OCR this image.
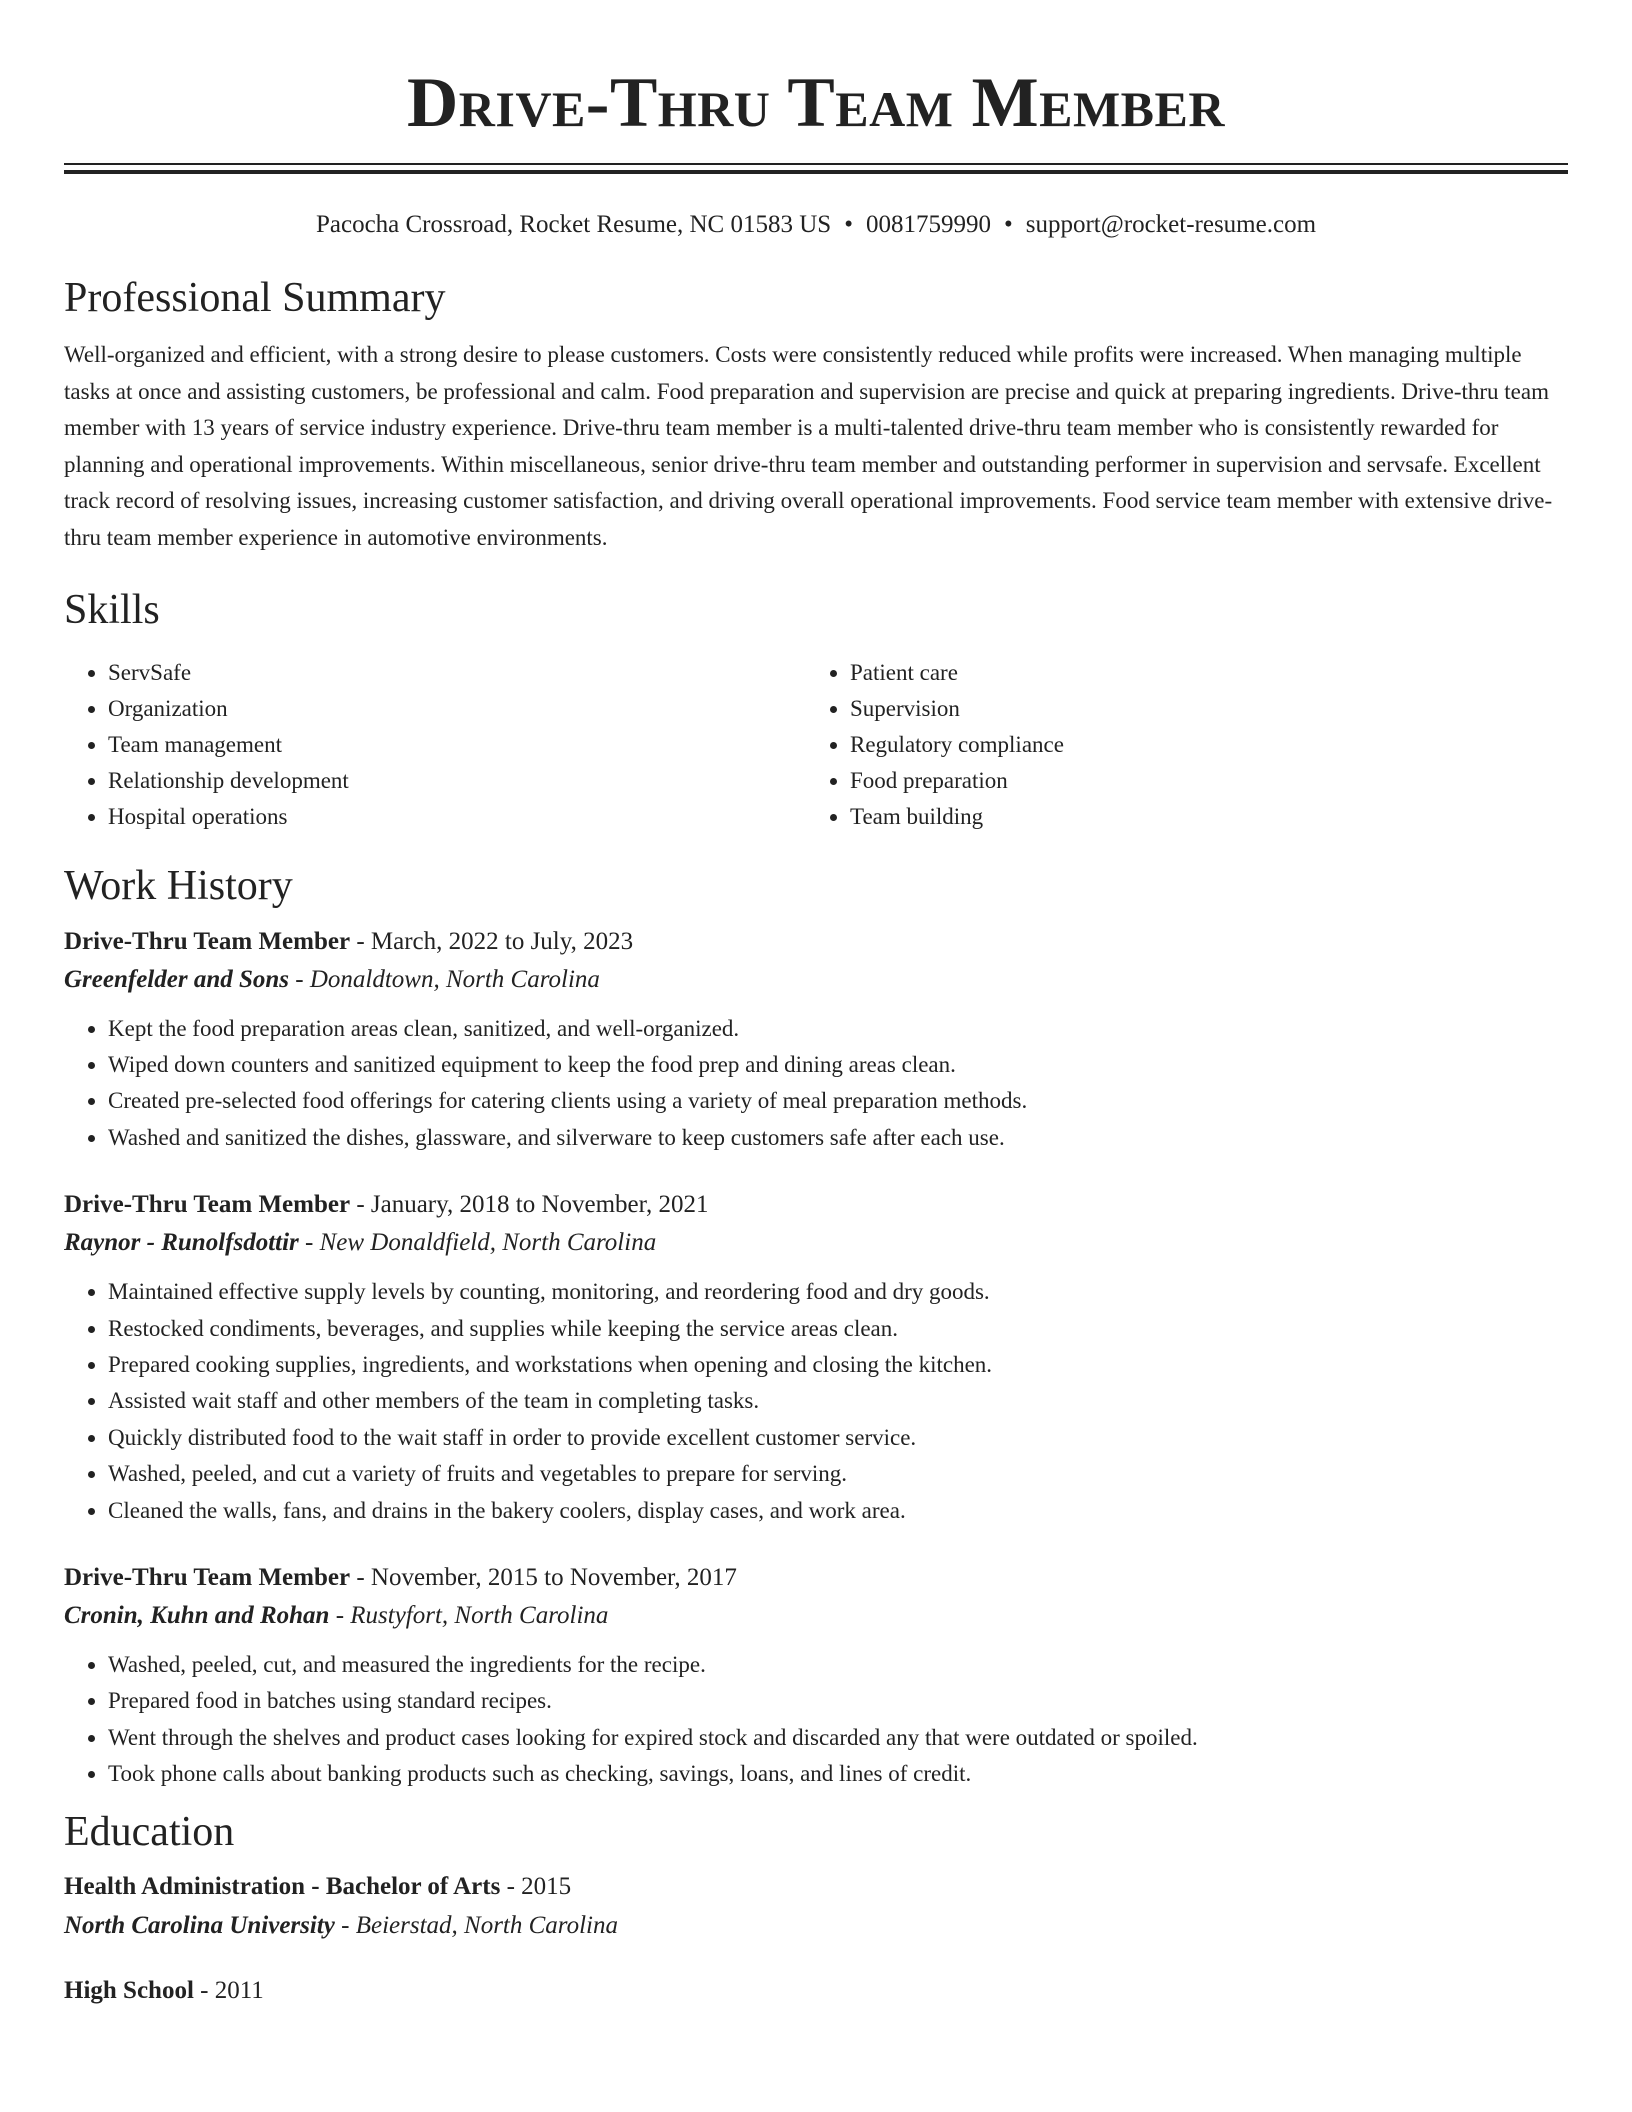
Drive-Thru Team Member
Pacocha Crossroad, Rocket Resume, NC 01583 US • 0081759990 • support@rocket-resume.com
Professional Summary

Well-organized and efficient, with a strong desire to please customers. Costs were consistently reduced while profits were increased. When managing multiple tasks at once and assisting customers, be professional and calm. Food preparation and supervision are precise and quick at preparing ingredients. Drive-thru team member with 13 years of service industry experience. Drive-thru team member is a multi-talented drive-thru team member who is consistently rewarded for planning and operational improvements. Within miscellaneous, senior drive-thru team member and outstanding performer in supervision and servsafe. Excellent track record of resolving issues, increasing customer satisfaction, and driving overall operational improvements. Food service team member with extensive drive-thru team member experience in automotive environments.

Skills
• ServSafe
• Organization
• Team management
• Relationship development
• Hospital operations
• Patient care
• Supervision
• Regulatory compliance
• Food preparation
• Team building
Work History
Drive-Thru Team Member - March, 2022 to July, 2023
Greenfelder and Sons - Donaldtown, North Carolina
• Kept the food preparation areas clean, sanitized, and well-organized.
• Wiped down counters and sanitized equipment to keep the food prep and dining areas clean.
• Created pre-selected food offerings for catering clients using a variety of meal preparation methods.
• Washed and sanitized the dishes, glassware, and silverware to keep customers safe after each use.
Drive-Thru Team Member - January, 2018 to November, 2021
Raynor - Runolfsdottir - New Donaldfield, North Carolina
• Maintained effective supply levels by counting, monitoring, and reordering food and dry goods.
• Restocked condiments, beverages, and supplies while keeping the service areas clean.
• Prepared cooking supplies, ingredients, and workstations when opening and closing the kitchen.
• Assisted wait staff and other members of the team in completing tasks.
• Quickly distributed food to the wait staff in order to provide excellent customer service.
• Washed, peeled, and cut a variety of fruits and vegetables to prepare for serving.
• Cleaned the walls, fans, and drains in the bakery coolers, display cases, and work area.
Drive-Thru Team Member - November, 2015 to November, 2017
Cronin, Kuhn and Rohan - Rustyfort, North Carolina
• Washed, peeled, cut, and measured the ingredients for the recipe.
• Prepared food in batches using standard recipes.
• Went through the shelves and product cases looking for expired stock and discarded any that were outdated or spoiled.
• Took phone calls about banking products such as checking, savings, loans, and lines of credit.
Education
Health Administration - Bachelor of Arts - 2015
North Carolina University - Beierstad, North Carolina
High School - 2011
